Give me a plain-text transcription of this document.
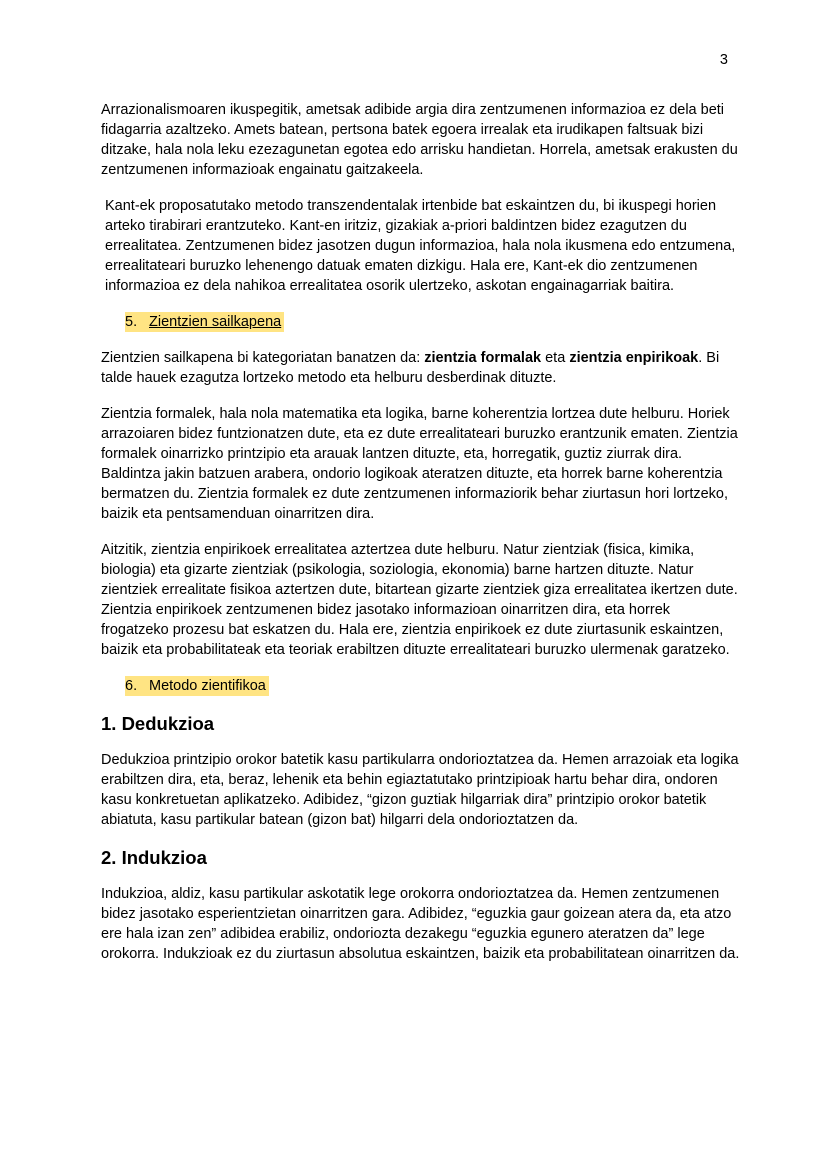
3

Arrazionalismoaren ikuspegitik, ametsak adibide argia dira zentzumenen informazioa ez dela beti fidagarria azaltzeko. Amets batean, pertsona batek egoera irrealak eta irudikapen faltsuak bizi ditzake, hala nola leku ezezagunetan egotea edo arrisku handietan. Horrela, ametsak erakusten du zentzumenen informazioak engainatu gaitzakeela.

Kant-ek proposatutako metodo transzendentalak irtenbide bat eskaintzen du, bi ikuspegi horien arteko tirabirari erantzuteko. Kant-en iritziz, gizakiak a-priori baldintzen bidez ezagutzen du errealitatea. Zentzumenen bidez jasotzen dugun informazioa, hala nola ikusmena edo entzumena, errealitateari buruzko lehenengo datuak ematen dizkigu. Hala ere, Kant-ek dio zentzumenen informazioa ez dela nahikoa errealitatea osorik ulertzeko, askotan engainagarriak baitira.

5. Zientzien sailkapena

Zientzien sailkapena bi kategoriatan banatzen da: zientzia formalak eta zientzia enpirikoak. Bi talde hauek ezagutza lortzeko metodo eta helburu desberdinak dituzte.

Zientzia formalek, hala nola matematika eta logika, barne koherentzia lortzea dute helburu. Horiek arrazoiaren bidez funtzionatzen dute, eta ez dute errealitateari buruzko erantzunik ematen. Zientzia formalek oinarrizko printzipio eta arauak lantzen dituzte, eta, horregatik, guztiz ziurrak dira. Baldintza jakin batzuen arabera, ondorio logikoak ateratzen dituzte, eta horrek barne koherentzia bermatzen du. Zientzia formalek ez dute zentzumenen informaziorik behar ziurtasun hori lortzeko, baizik eta pentsamenduan oinarritzen dira.

Aitzitik, zientzia enpirikoek errealitatea aztertzea dute helburu. Natur zientziak (fisica, kimika, biologia) eta gizarte zientziak (psikologia, soziologia, ekonomia) barne hartzen dituzte. Natur zientziek errealitate fisikoa aztertzen dute, bitartean gizarte zientziek giza errealitatea ikertzen dute. Zientzia enpirikoek zentzumenen bidez jasotako informazioan oinarritzen dira, eta horrek frogatzeko prozesu bat eskatzen du. Hala ere, zientzia enpirikoek ez dute ziurtasunik eskaintzen, baizik eta probabilitateak eta teoriak erabiltzen dituzte errealitateari buruzko ulermenak garatzeko.

6. Metodo zientifikoa
1. Dedukzioa

Dedukzioa printzipio orokor batetik kasu partikularra ondorioztatzea da. Hemen arrazoiak eta logika erabiltzen dira, eta, beraz, lehenik eta behin egiaztatutako printzipioak hartu behar dira, ondoren kasu konkretuetan aplikatzeko. Adibidez, “gizon guztiak hilgarriak dira” printzipio orokor batetik abiatuta, kasu partikular batean (gizon bat) hilgarri dela ondorioztatzen da.

2. Indukzioa

Indukzioa, aldiz, kasu partikular askotatik lege orokorra ondorioztatzea da. Hemen zentzumenen bidez jasotako esperientzietan oinarritzen gara. Adibidez, “eguzkia gaur goizean atera da, eta atzo ere hala izan zen” adibidea erabiliz, ondorioztа dezakegu “eguzkia egunero ateratzen da” lege orokorra. Indukzioak ez du ziurtasun absolutua eskaintzen, baizik eta probabilitatean oinarritzen da.
